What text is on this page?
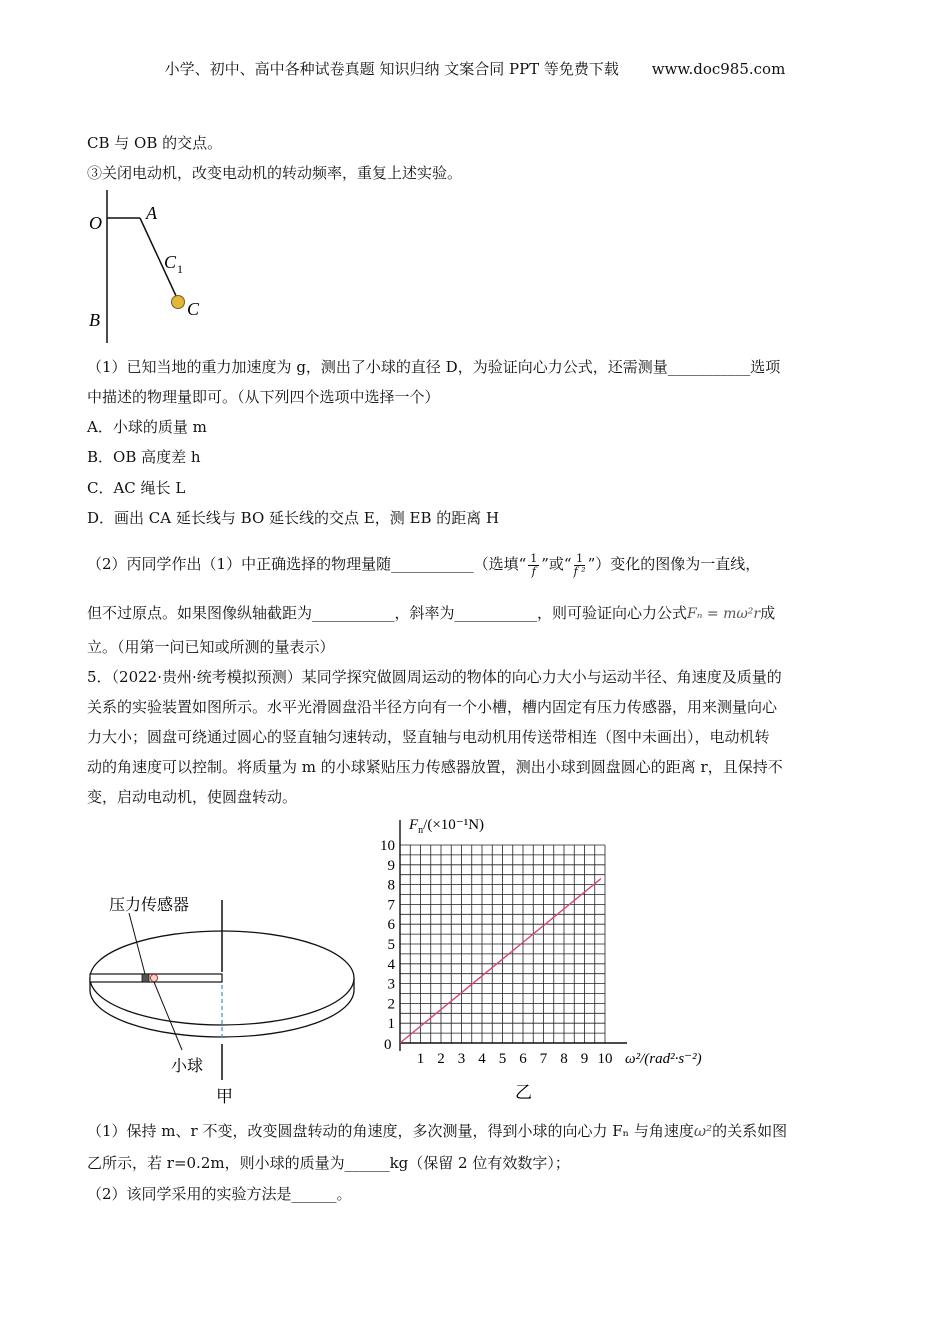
小学、初中、高中各种试卷真题 知识归纳 文案合同 PPT 等免费下载 www.doc985.com
CB 与 OB 的交点。
③关闭电动机，改变电动机的转动频率，重复上述实验。
O A
C 1
C
B
（1）已知当地的重力加速度为 g，测出了小球的直径 D，为验证向心力公式，还需测量___________选项
中描述的物理量即可。（从下列四个选项中选择一个）
A．小球的质量 m
B．OB 高度差 h
C．AC 绳长 L
D．画出 CA 延长线与 BO 延长线的交点 E，测 EB 的距离 H
（2）丙同学作出（1）中正确选择的物理量随___________（选填“ $\frac{1}{f}$ ”或“ $\frac{1}{\text{f ²}}$ ”）变化的图像为一直线，
但不过原点。如果图像纵轴截距为___________，斜率为___________，则可验证向心力公式Fₙ = mω²r成
立。（用第一问已知或所测的量表示）
5．（2022·贵州·统考模拟预测）某同学探究做圆周运动的物体的向心力大小与运动半径、角速度及质量的
关系的实验装置如图所示。水平光滑圆盘沿半径方向有一个小槽，槽内固定有压力传感器，用来测量向心
力大小；圆盘可绕通过圆心的竖直轴匀速转动，竖直轴与电动机用传送带相连（图中未画出），电动机转
动的角速度可以控制。将质量为 m 的小球紧贴压力传感器放置，测出小球到圆盘圆心的距离 r，且保持不
变，启动电动机，使圆盘转动。
压力传感器
小球
甲
1 2 3 4 5 6 7 8 9 10
1
2
3
4
5
6
7
8
9
10
0
$F_n/(\times 10^{-1}N)$
ω²/(rad²·s⁻²)
乙
（1）保持 m、r 不变，改变圆盘转动的角速度，多次测量，得到小球的向心力 Fₙ 与角速度ω²的关系如图
乙所示，若 r=0.2m，则小球的质量为______kg（保留 2 位有效数字）；
（2）该同学采用的实验方法是______。
